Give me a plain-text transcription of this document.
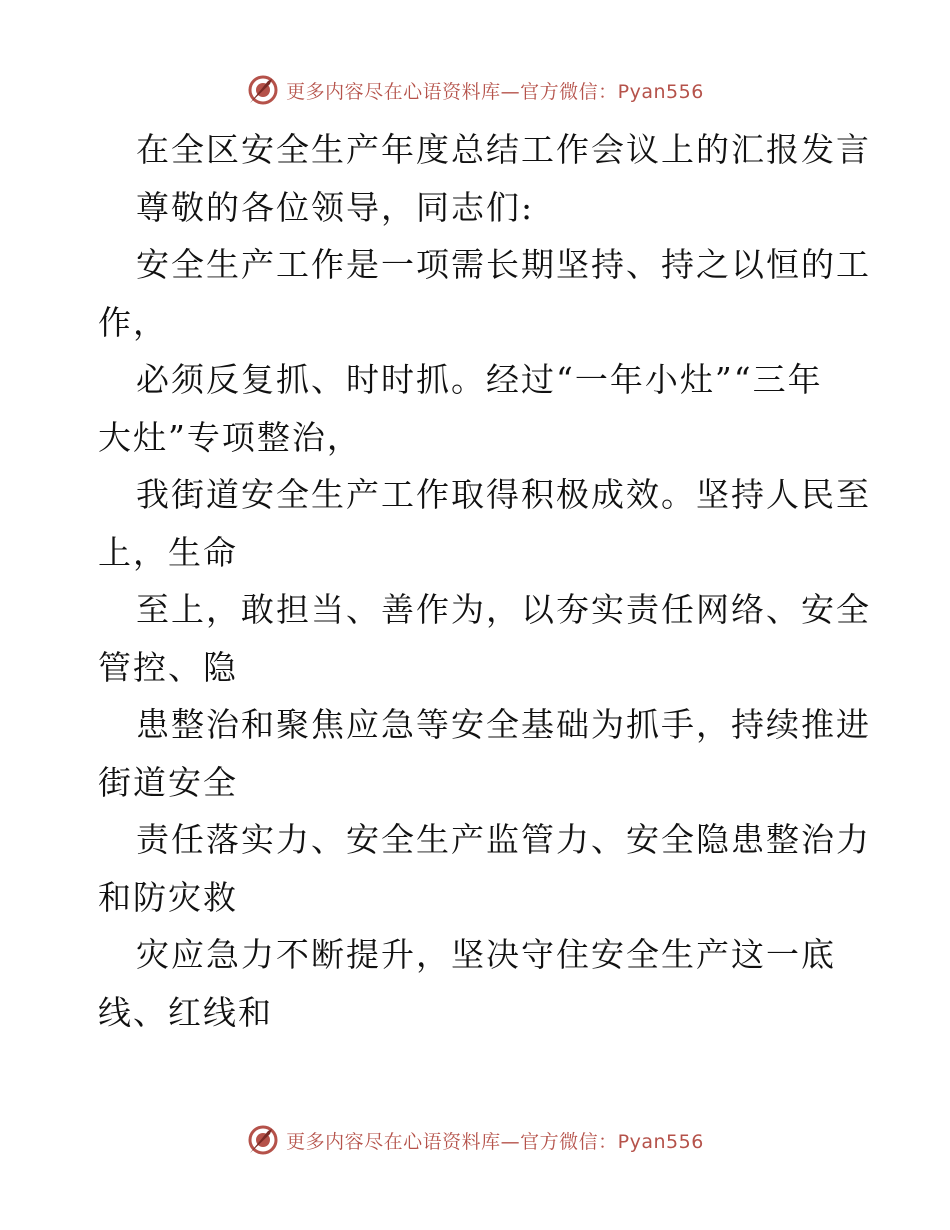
更多内容尽在心语资料库—官方微信：Pyan556
在全区安全生产年度总结工作会议上的汇报发言
尊敬的各位领导，同志们:
安全生产工作是一项需长期坚持、持之以恒的工
作，
必须反复抓、时时抓。经过“一年小灶”“三年
大灶”专项整治，
我街道安全生产工作取得积极成效。坚持人民至
上，生命
至上，敢担当、善作为，以夯实责任网络、安全
管控、隐
患整治和聚焦应急等安全基础为抓手，持续推进
街道安全
责任落实力、安全生产监管力、安全隐患整治力
和防灾救
灾应急力不断提升，坚决守住安全生产这一底
线、红线和
更多内容尽在心语资料库—官方微信：Pyan556
